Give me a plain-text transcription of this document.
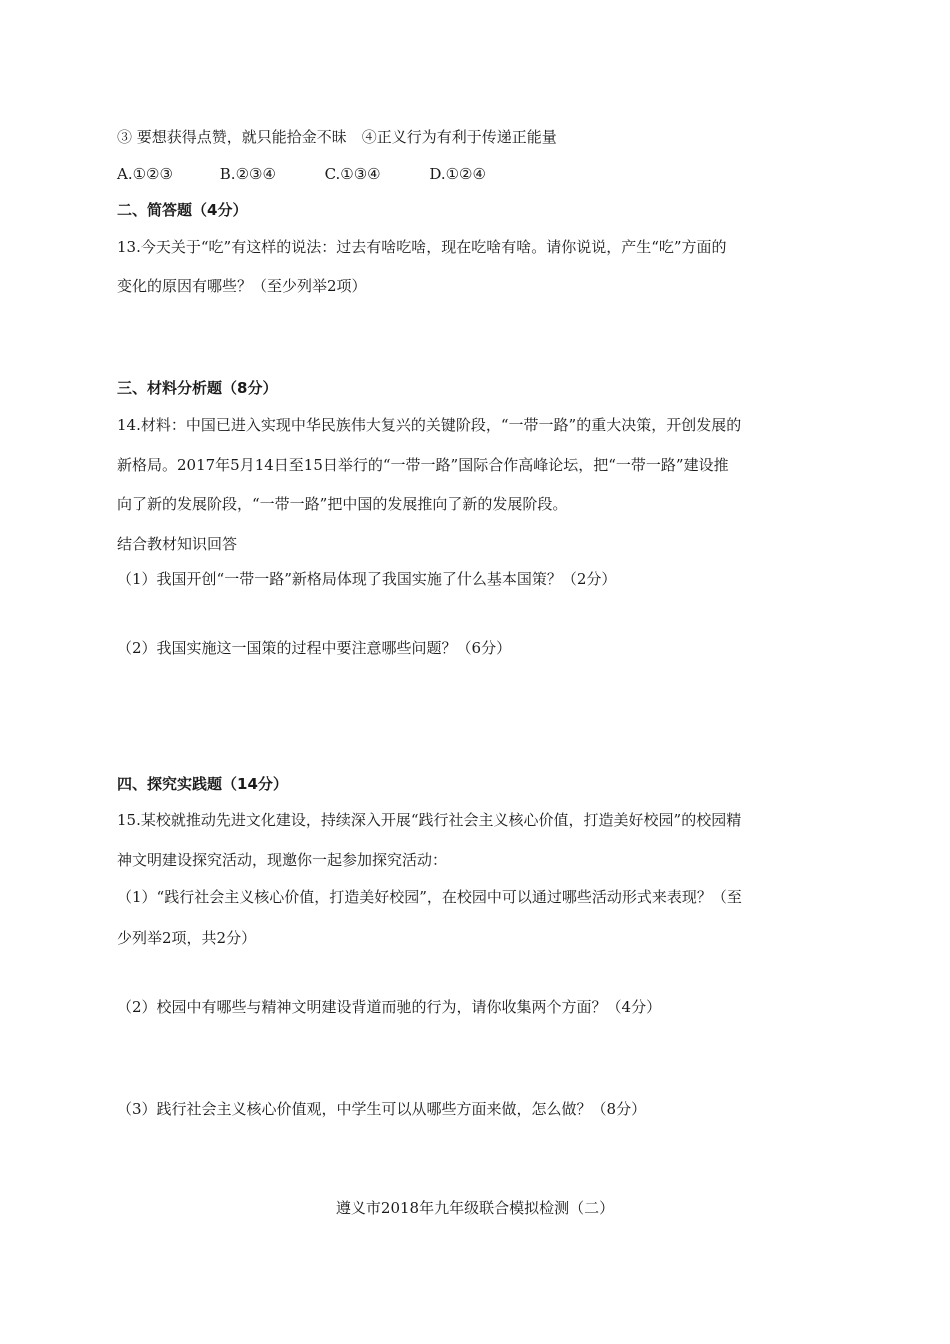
③ 要想获得点赞，就只能拾金不昧　④正义行为有利于传递正能量
A.①②③	B.②③④	C.①③④	D.①②④
二、简答题（4分）
13.今天关于“吃”有这样的说法：过去有啥吃啥，现在吃啥有啥。请你说说，产生“吃”方面的
变化的原因有哪些？（至少列举2项）
三、材料分析题（8分）
14.材料：中国已进入实现中华民族伟大复兴的关键阶段，“一带一路”的重大决策，开创发展的
新格局。2017年5月14日至15日举行的“一带一路”国际合作高峰论坛，把“一带一路”建设推
向了新的发展阶段，“一带一路”把中国的发展推向了新的发展阶段。
结合教材知识回答
（1）我国开创“一带一路”新格局体现了我国实施了什么基本国策？（2分）
（2）我国实施这一国策的过程中要注意哪些问题？（6分）
四、探究实践题（14分）
15.某校就推动先进文化建设，持续深入开展“践行社会主义核心价值，打造美好校园”的校园精
神文明建设探究活动，现邀你一起参加探究活动：
（1）“践行社会主义核心价值，打造美好校园”，在校园中可以通过哪些活动形式来表现？（至
少列举2项，共2分）
（2）校园中有哪些与精神文明建设背道而驰的行为，请你收集两个方面？（4分）
（3）践行社会主义核心价值观，中学生可以从哪些方面来做，怎么做？（8分）
遵义市2018年九年级联合模拟检测（二）
